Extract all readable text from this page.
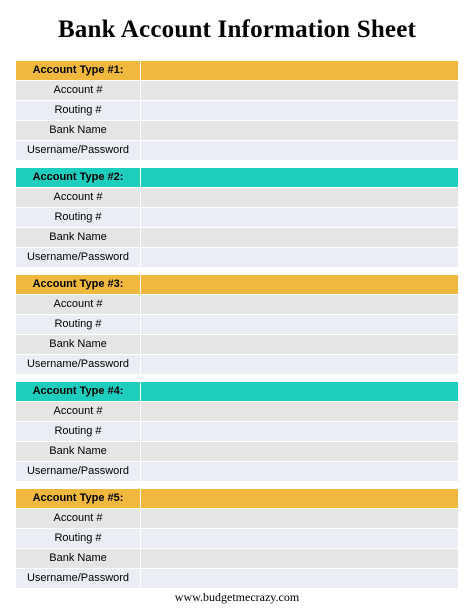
Bank Account Information Sheet
Account Type #1:
Account #
Routing #
Bank Name
Username/Password
Account Type #2:
Account #
Routing #
Bank Name
Username/Password
Account Type #3:
Account #
Routing #
Bank Name
Username/Password
Account Type #4:
Account #
Routing #
Bank Name
Username/Password
Account Type #5:
Account #
Routing #
Bank Name
Username/Password
www.budgetmecrazy.com
